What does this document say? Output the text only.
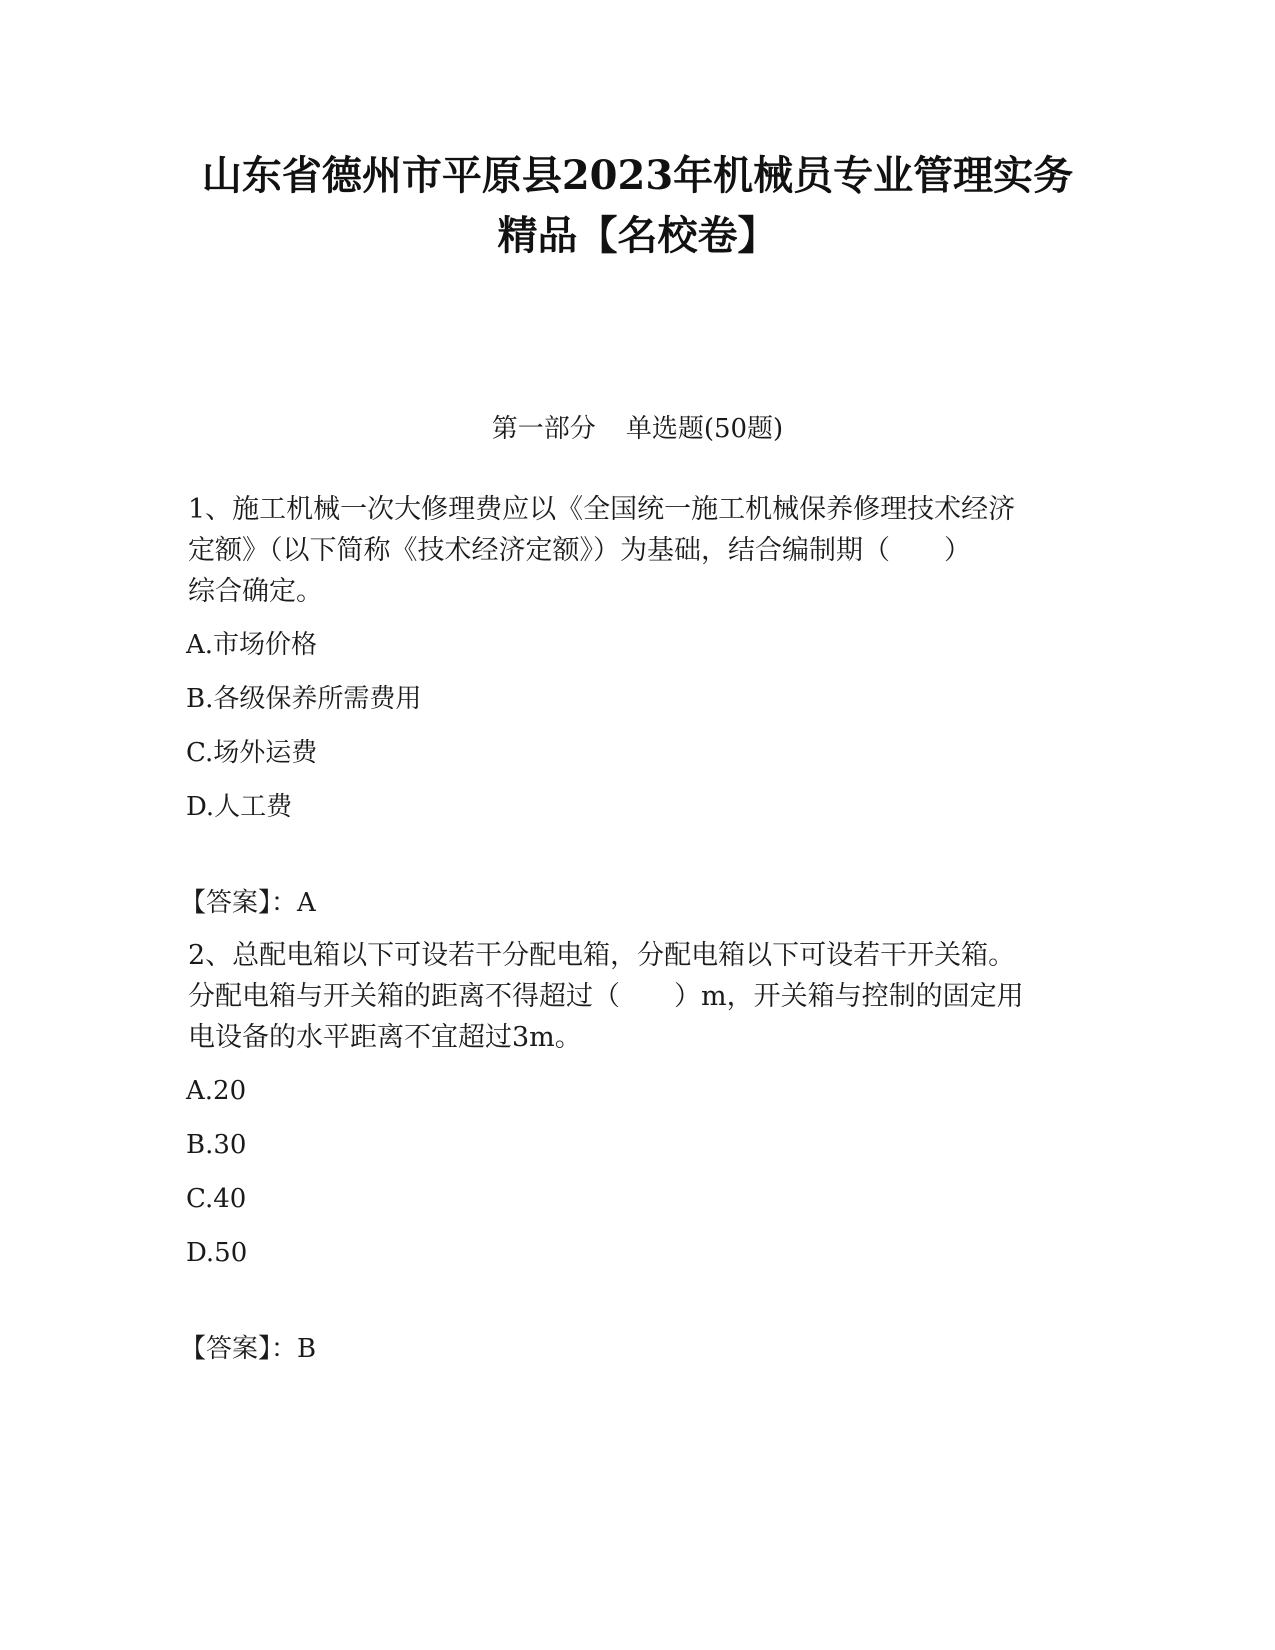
山东省德州市平原县2023年机械员专业管理实务
精品【名校卷】
第一部分 单选题(50题)
1、施工机械一次大修理费应以《全国统一施工机械保养修理技术经济
定额》（以下简称《技术经济定额》）为基础，结合编制期（　　）
综合确定。
A.市场价格
B.各级保养所需费用
C.场外运费
D.人工费
【答案】：A
2、总配电箱以下可设若干分配电箱，分配电箱以下可设若干开关箱。
分配电箱与开关箱的距离不得超过（　　）m，开关箱与控制的固定用
电设备的水平距离不宜超过3m。
A.20
B.30
C.40
D.50
【答案】：B
